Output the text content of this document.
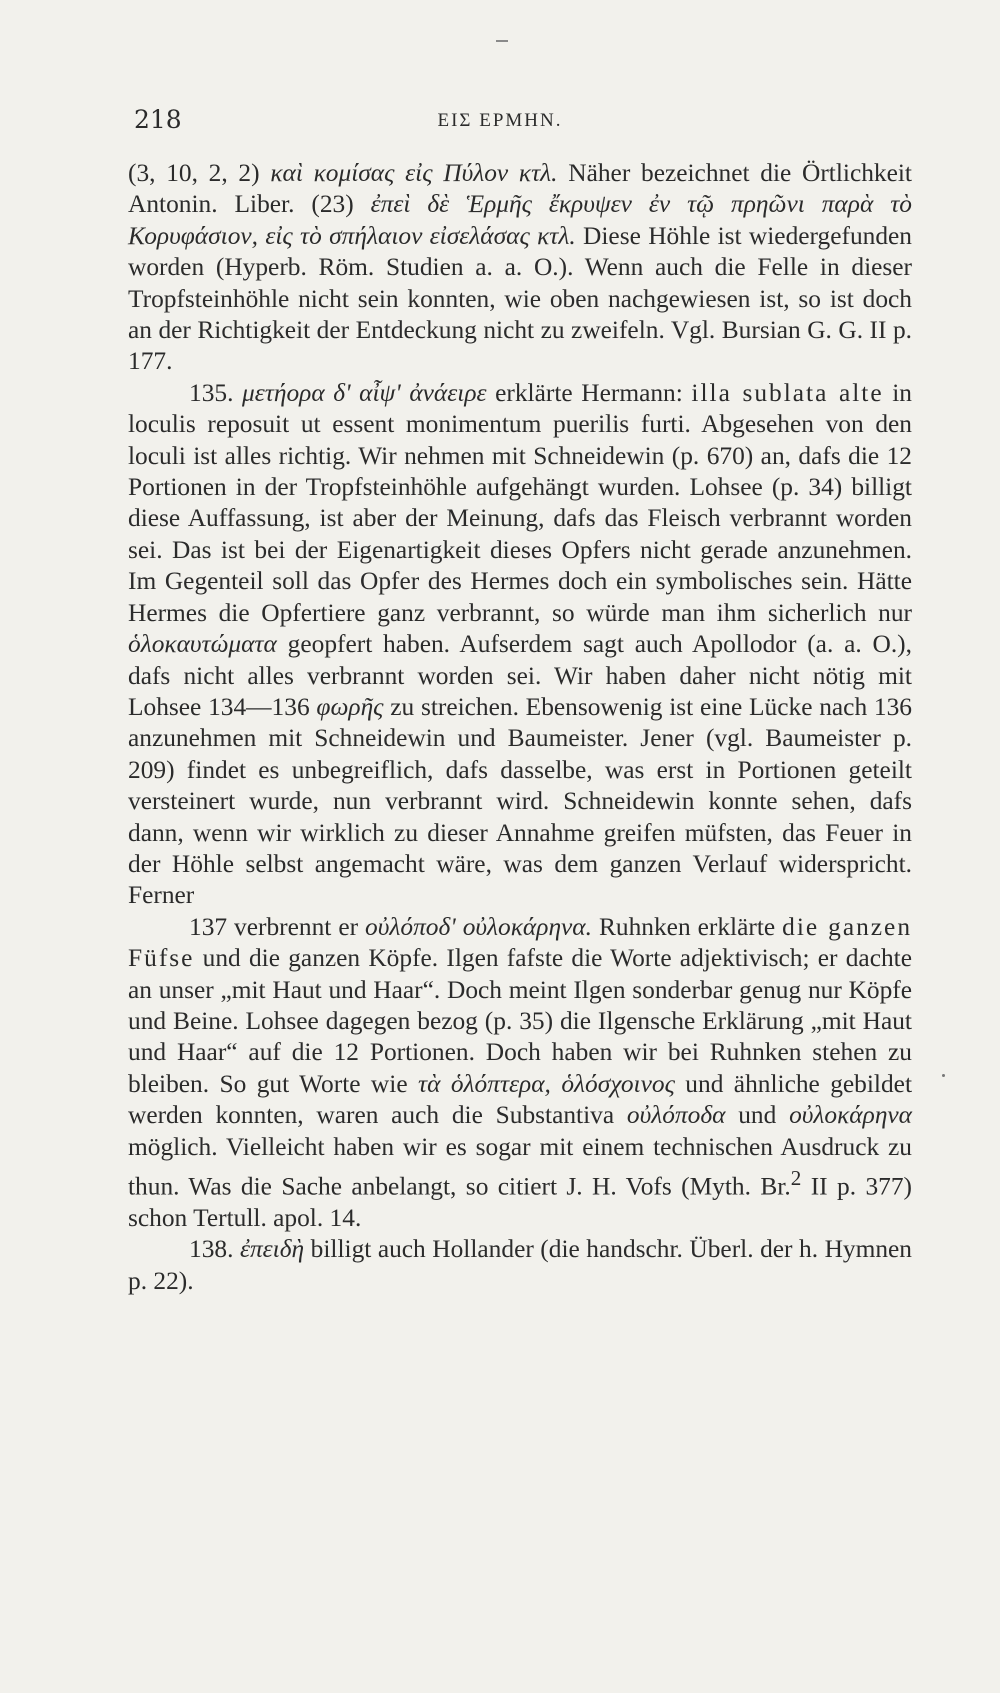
218	ΕΙΣ ΕΡΜΗΝ.

(3, 10, 2, 2) καὶ κομίσας εἰς Πύλον κτλ. Näher bezeichnet die Örtlichkeit Antonin. Liber. (23) ἐπεὶ δὲ Ἑρμῆς ἔκρυψεν ἐν τῷ πρηῶνι παρὰ τὸ Κορυφάσιον, εἰς τὸ σπήλαιον εἰσελάσας κτλ. Diese Höhle ist wiedergefunden worden (Hyperb. Röm. Studien a. a. O.). Wenn auch die Felle in dieser Tropfsteinhöhle nicht sein konnten, wie oben nachgewiesen ist, so ist doch an der Richtigkeit der Entdeckung nicht zu zweifeln. Vgl. Bursian G. G. II p. 177.

135. μετήορα δ' αἶψ' ἀνάειρε erklärte Hermann: illa sublata alte in loculis reposuit ut essent monimentum puerilis furti. Abgesehen von den loculi ist alles richtig. Wir nehmen mit Schneidewin (p. 670) an, dafs die 12 Portionen in der Tropfsteinhöhle aufgehängt wurden. Lohsee (p. 34) billigt diese Auffassung, ist aber der Meinung, dafs das Fleisch verbrannt worden sei. Das ist bei der Eigenartigkeit dieses Opfers nicht gerade anzunehmen. Im Gegenteil soll das Opfer des Hermes doch ein symbolisches sein. Hätte Hermes die Opfertiere ganz verbrannt, so würde man ihm sicherlich nur ὁλοκαυτώματα geopfert haben. Aufserdem sagt auch Apollodor (a. a. O.), dafs nicht alles verbrannt worden sei. Wir haben daher nicht nötig mit Lohsee 134—136 φωρῆς zu streichen. Ebensowenig ist eine Lücke nach 136 anzunehmen mit Schneidewin und Baumeister. Jener (vgl. Baumeister p. 209) findet es unbegreiflich, dafs dasselbe, was erst in Portionen geteilt versteinert wurde, nun verbrannt wird. Schneidewin konnte sehen, dafs dann, wenn wir wirklich zu dieser Annahme greifen müfsten, das Feuer in der Höhle selbst angemacht wäre, was dem ganzen Verlauf widerspricht. Ferner

137 verbrennt er οὐλόποδ' οὐλοκάρηνα. Ruhnken erklärte die ganzen Füfse und die ganzen Köpfe. Ilgen fafste die Worte adjektivisch; er dachte an unser „mit Haut und Haar“. Doch meint Ilgen sonderbar genug nur Köpfe und Beine. Lohsee dagegen bezog (p. 35) die Ilgensche Erklärung „mit Haut und Haar“ auf die 12 Portionen. Doch haben wir bei Ruhnken stehen zu bleiben. So gut Worte wie τὰ ὁλόπτερα, ὁλόσχοινος und ähnliche gebildet werden konnten, waren auch die Substantiva οὐλόποδα und οὐλοκάρηνα möglich. Vielleicht haben wir es sogar mit einem technischen Ausdruck zu thun. Was die Sache anbelangt, so citiert J. H. Vofs (Myth. Br.$^2$ II p. 377) schon Tertull. apol. 14.

138. ἐπειδὴ billigt auch Hollander (die handschr. Überl. der h. Hymnen p. 22).
